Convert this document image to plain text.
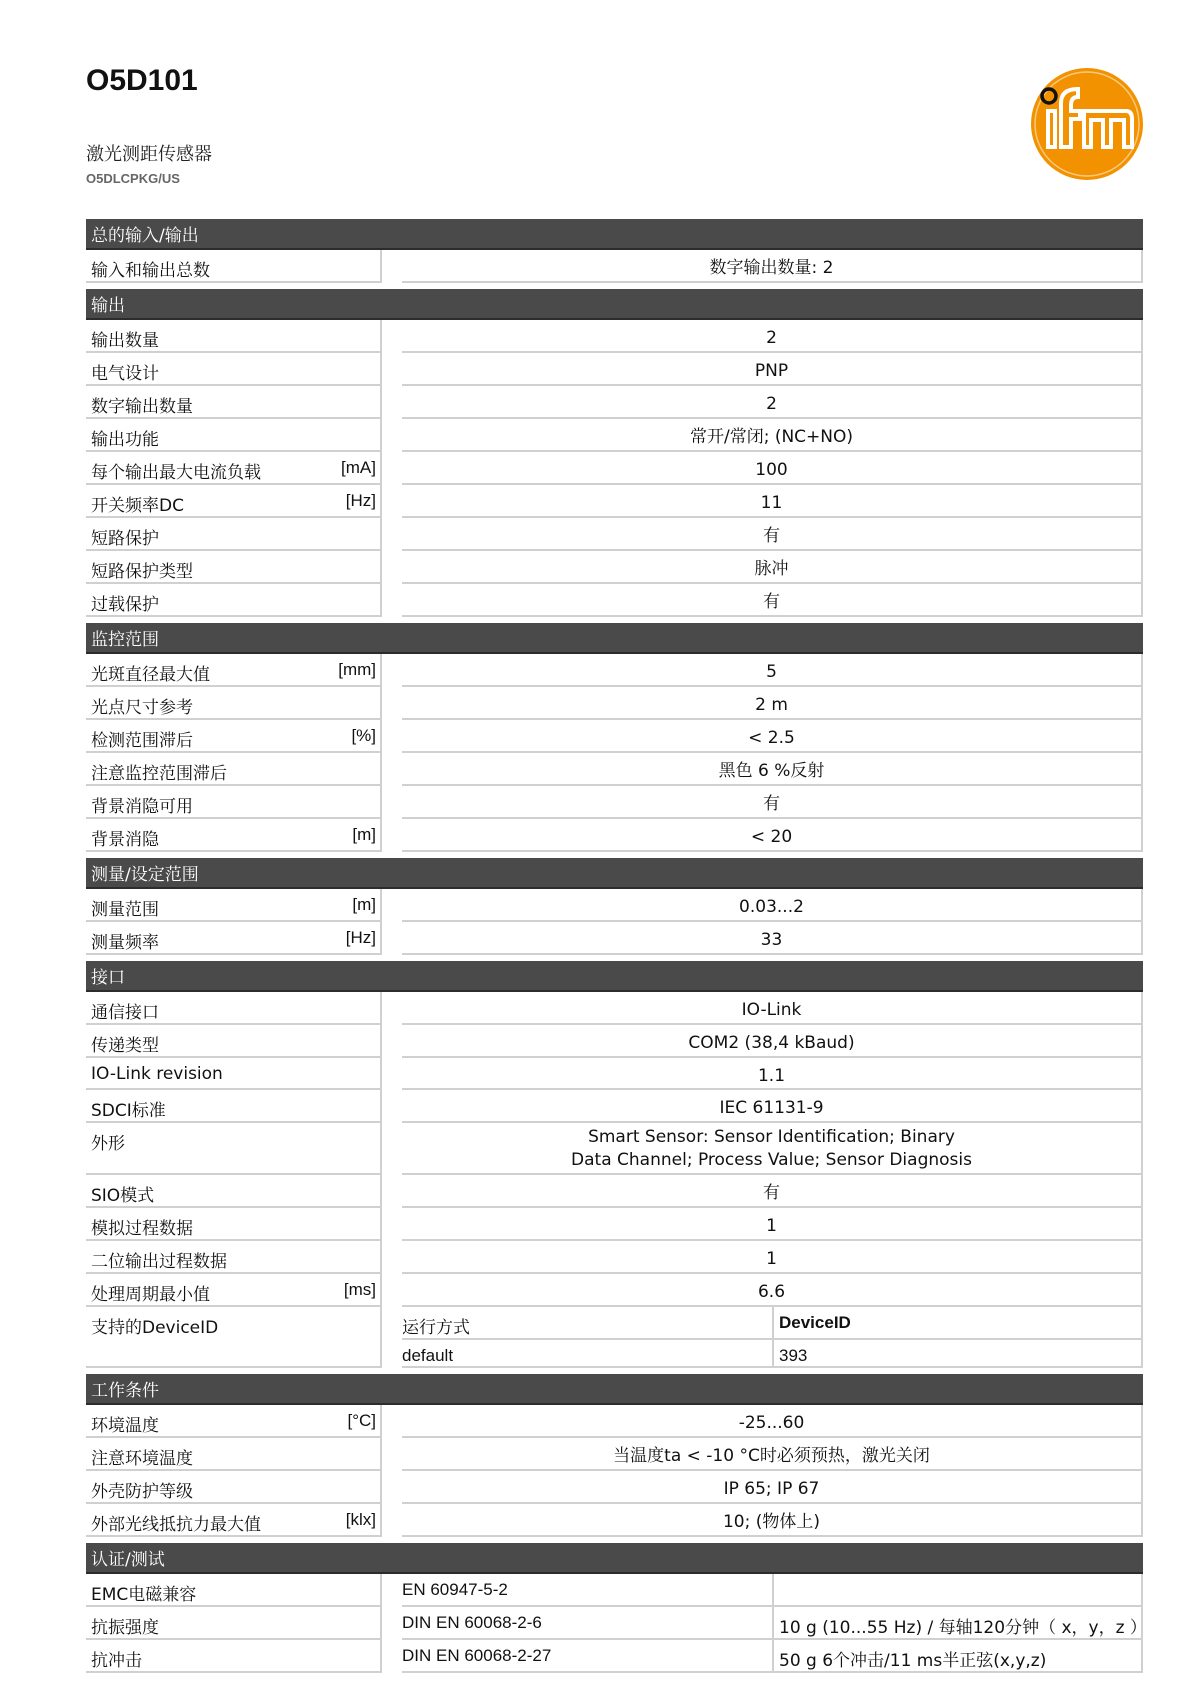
O5D101
激光测距传感器
O5DLCPKG/US
总的输入/输出
输入和输出总数	数字输出数量: 2
输出
输出数量	2
电气设计	PNP
数字输出数量	2
输出功能	常开/常闭; (NC+NO)
每个输出最大电流负载	[mA]	100
开关频率DC	[Hz]	11
短路保护	有
短路保护类型	脉冲
过载保护	有
监控范围
光斑直径最大值	[mm]	5
光点尺寸参考	2 m
检测范围滞后	[%]	< 2.5
注意监控范围滞后	黑色 6 %反射
背景消隐可用	有
背景消隐	[m]	< 20
测量/设定范围
测量范围	[m]	0.03...2
测量频率	[Hz]	33
接口
通信接口	IO-Link
传递类型	COM2 (38,4 kBaud)
IO-Link revision	1.1
SDCI标准	IEC 61131-9
外形	Smart Sensor: Sensor Identification; Binary
Data Channel; Process Value; Sensor Diagnosis
SIO模式	有
模拟过程数据	1
二位输出过程数据	1
处理周期最小值	[ms]	6.6
支持的DeviceID	运行方式	DeviceID
default	393
工作条件
环境温度	[°C]	-25...60
注意环境温度	当温度ta < -10 °C时必须预热，激光关闭
外壳防护等级	IP 65; IP 67
外部光线抵抗力最大值	[klx]	10; (物体上)
认证/测试
EMC电磁兼容	EN 60947-5-2
抗振强度	DIN EN 60068-2-6	10 g (10...55 Hz) / 每轴120分钟（ x，y，z ）
抗冲击	DIN EN 60068-2-27	50 g 6个冲击/11 ms半正弦(x,y,z)
